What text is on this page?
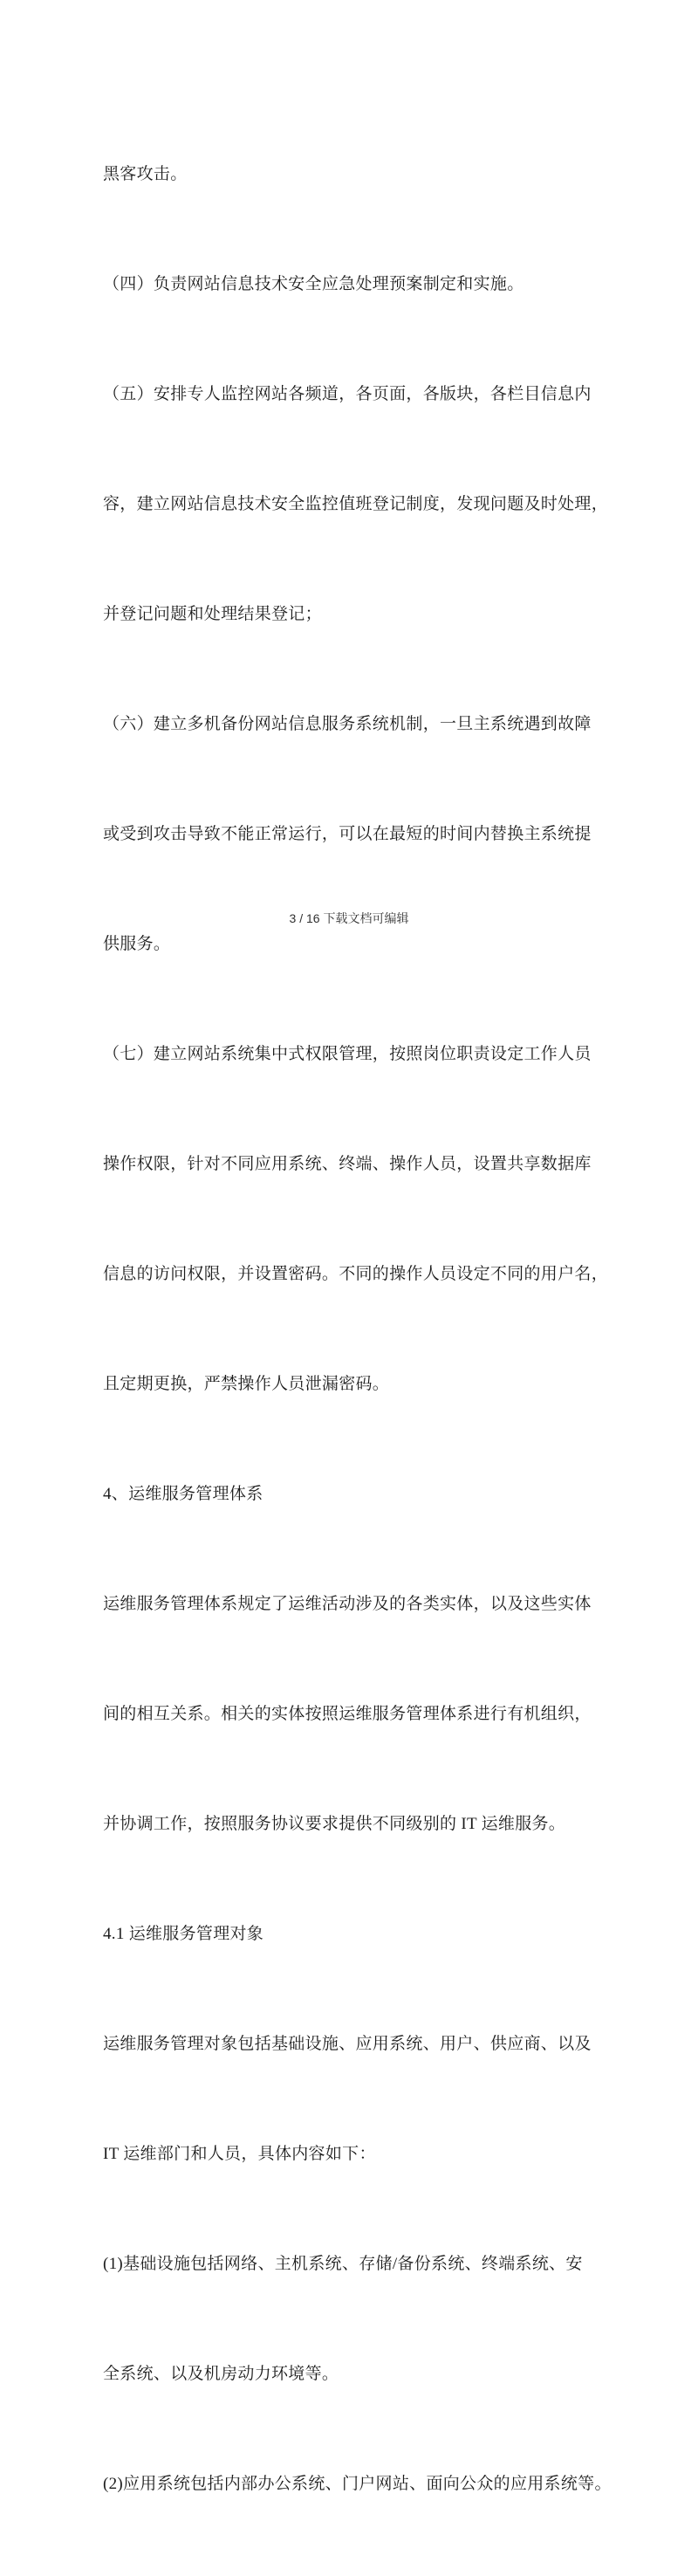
黑客攻击。

（四）负责网站信息技术安全应急处理预案制定和实施。

（五）安排专人监控网站各频道，各页面，各版块，各栏目信息内

容，建立网站信息技术安全监控值班登记制度，发现问题及时处理，

并登记问题和处理结果登记；

（六）建立多机备份网站信息服务系统机制，一旦主系统遇到故障

或受到攻击导致不能正常运行，可以在最短的时间内替换主系统提

供服务。

（七）建立网站系统集中式权限管理，按照岗位职责设定工作人员

操作权限，针对不同应用系统、终端、操作人员，设置共享数据库

信息的访问权限，并设置密码。不同的操作人员设定不同的用户名，

且定期更换，严禁操作人员泄漏密码。

4、运维服务管理体系

运维服务管理体系规定了运维活动涉及的各类实体，以及这些实体

间的相互关系。相关的实体按照运维服务管理体系进行有机组织，

并协调工作，按照服务协议要求提供不同级别的 IT 运维服务。

4.1 运维服务管理对象

运维服务管理对象包括基础设施、应用系统、用户、供应商、以及

IT 运维部门和人员，具体内容如下：

(1)基础设施包括网络、主机系统、存储/备份系统、终端系统、安

全系统、以及机房动力环境等。

(2)应用系统包括内部办公系统、门户网站、面向公众的应用系统等。

3 / 16 下载文档可编辑
